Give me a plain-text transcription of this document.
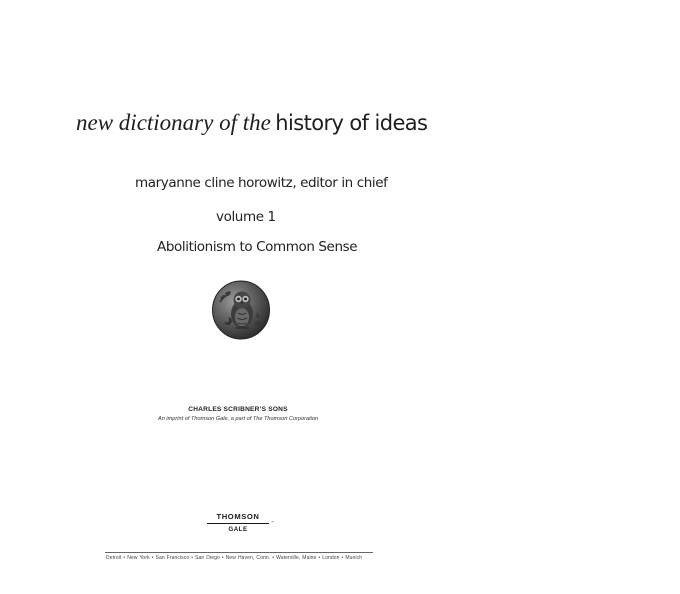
new dictionary of the history of ideas
maryanne cline horowitz, editor in chief
volume 1
Abolitionism to Common Sense
Α
Θ
CHARLES SCRIBNER’S SONS
An imprint of Thomson Gale, a part of The Thomson Corporation
THOMSON
GALE
™
Detroit • New York • San Francisco • San Diego • New Haven, Conn. • Waterville, Maine • London • Munich
